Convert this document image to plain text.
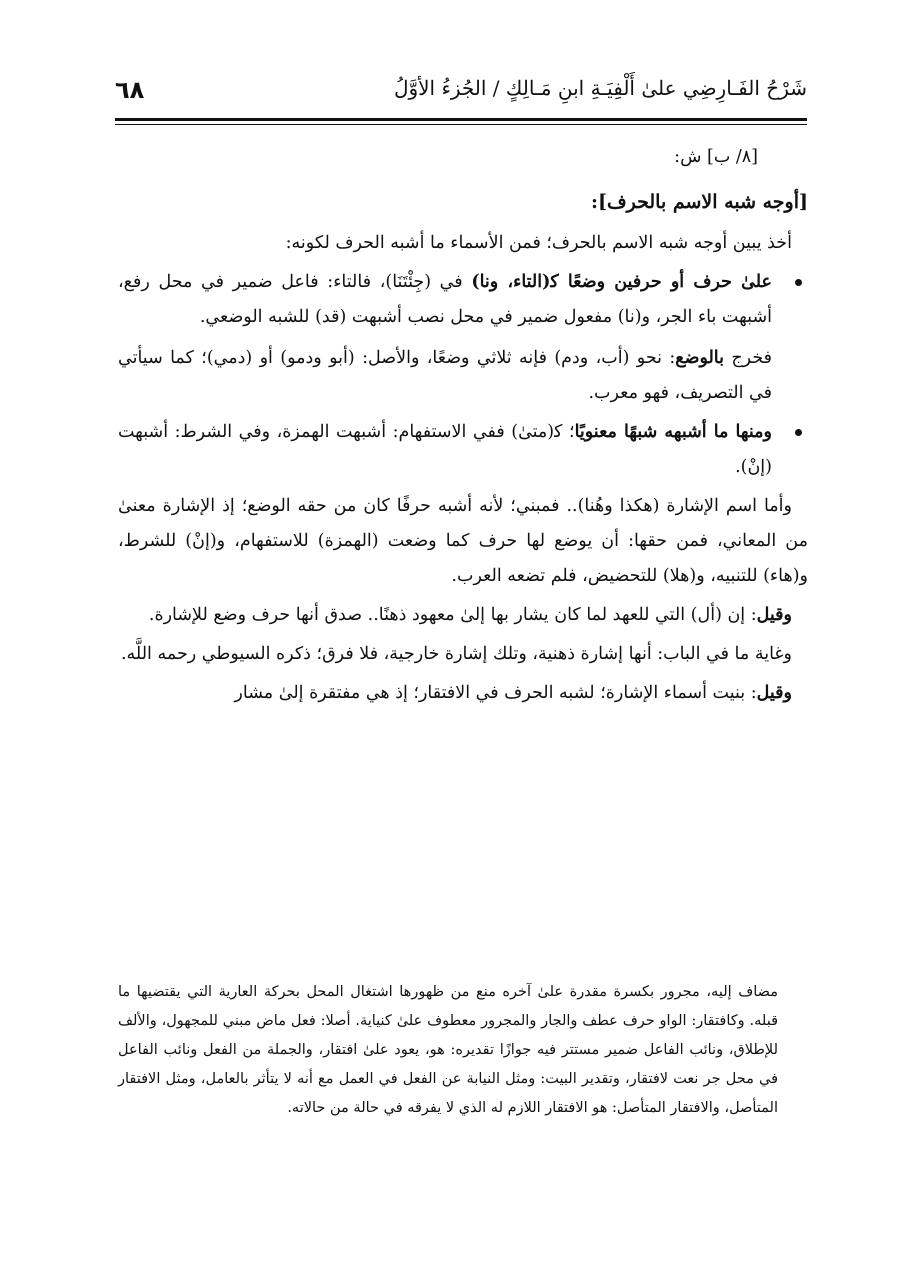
شَرْحُ الفَـارِضِي علىٰ أَلْفِيَـةِ ابنِ مَـالِكٍ / الجُزءُ الأوَّلُ
٦٨

[٨/ ب] ش:

[أوجه شبه الاسم بالحرف]:

أخذ يبين أوجه شبه الاسم بالحرف؛ فمن الأسماء ما أشبه الحرف لكونه:

علىٰ حرف أو حرفين وضعًا ك‍(التاء، ونا) في (جِئْتَنَا)، فالتاء: فاعل ضمير في محل رفع، أشبهت باء الجر، و(نا) مفعول ضمير في محل نصب أشبهت (قد) للشبه الوضعي.

فخرج بالوضع: نحو (أب، ودم) فإنه ثلاثي وضعًا، والأصل: (أبو ودمو) أو (دمي)؛ كما سيأتي في التصريف، فهو معرب.

ومنها ما أشبهه شبهًا معنويًا؛ ك‍(متىٰ) ففي الاستفهام: أشبهت الهمزة، وفي الشرط: أشبهت (إنْ).

وأما اسم الإشارة (هكذا وهُنا).. فمبني؛ لأنه أشبه حرفًا كان من حقه الوضع؛ إذ الإشارة معنىٰ من المعاني، فمن حقها: أن يوضع لها حرف كما وضعت (الهمزة) للاستفهام، و(إنْ) للشرط، و(هاء) للتنبيه، و(هلا) للتحضيض، فلم تضعه العرب.

وقيل: إن (أل) التي للعهد لما كان يشار بها إلىٰ معهود ذهنًا.. صدق أنها حرف وضع للإشارة.

وغاية ما في الباب: أنها إشارة ذهنية، وتلك إشارة خارجية، فلا فرق؛ ذكره السيوطي رحمه اللَّه.

وقيل: بنيت أسماء الإشارة؛ لشبه الحرف في الافتقار؛ إذ هي مفتقرة إلىٰ مشار

مضاف إليه، مجرور بكسرة مقدرة علىٰ آخره منع من ظهورها اشتغال المحل بحركة العارية التي يقتضيها ما قبله. وكافتقار: الواو حرف عطف والجار والمجرور معطوف علىٰ كنياية. أصلا: فعل ماض مبني للمجهول، والألف للإطلاق، ونائب الفاعل ضمير مستتر فيه جوازًا تقديره: هو، يعود علىٰ افتقار، والجملة من الفعل ونائب الفاعل في محل جر نعت لافتقار، وتقدير البيت: ومثل النيابة عن الفعل في العمل مع أنه لا يتأثر بالعامل، ومثل الافتقار المتأصل، والافتقار المتأصل: هو الافتقار اللازم له الذي لا يفرقه في حالة من حالاته.
